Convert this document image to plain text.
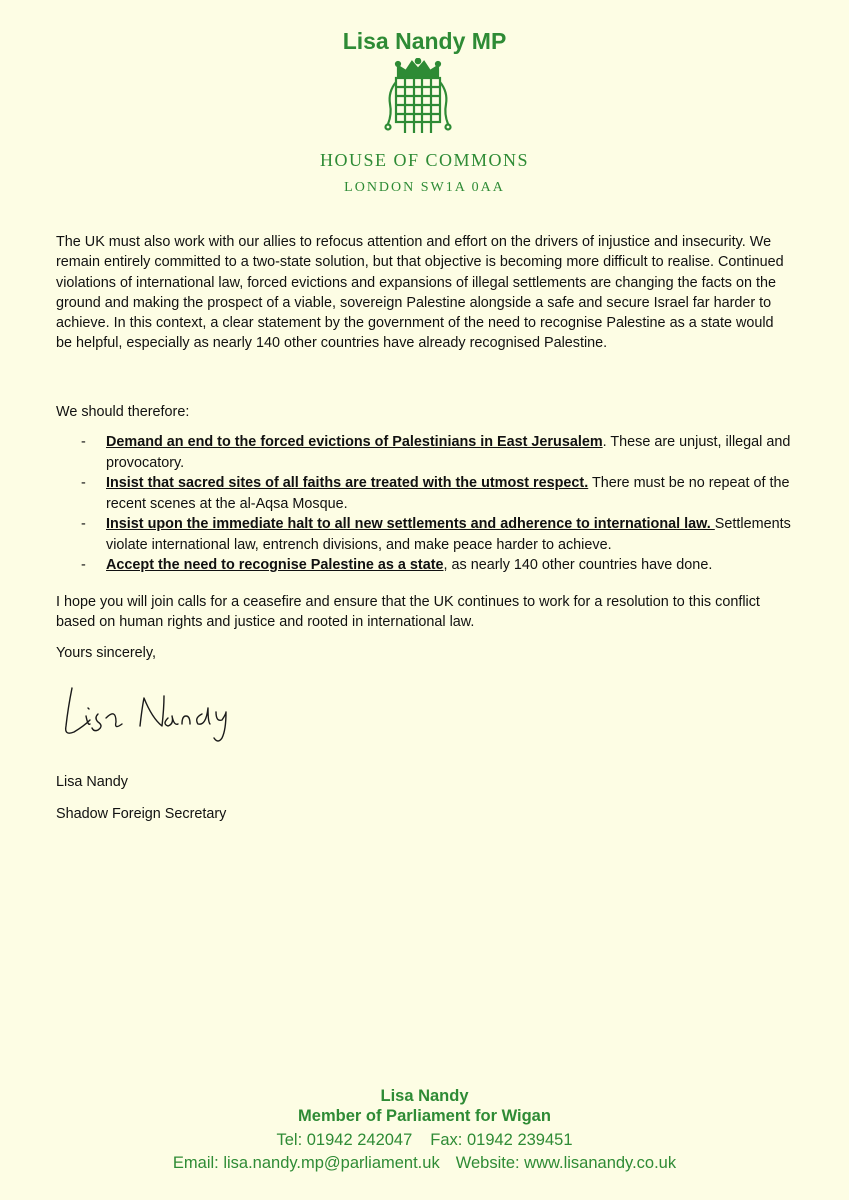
Lisa Nandy MP
HOUSE OF COMMONS
LONDON SW1A 0AA
The UK must also work with our allies to refocus attention and effort on the drivers of injustice and insecurity. We remain entirely committed to a two-state solution, but that objective is becoming more difficult to realise. Continued violations of international law, forced evictions and expansions of illegal settlements are changing the facts on the ground and making the prospect of a viable, sovereign Palestine alongside a safe and secure Israel far harder to achieve. In this context, a clear statement by the government of the need to recognise Palestine as a state would be helpful, especially as nearly 140 other countries have already recognised Palestine.
We should therefore:
- Demand an end to the forced evictions of Palestinians in East Jerusalem. These are unjust, illegal and provocatory.
- Insist that sacred sites of all faiths are treated with the utmost respect. There must be no repeat of the recent scenes at the al-Aqsa Mosque.
- Insist upon the immediate halt to all new settlements and adherence to international law. Settlements violate international law, entrench divisions, and make peace harder to achieve.
- Accept the need to recognise Palestine as a state, as nearly 140 other countries have done.
I hope you will join calls for a ceasefire and ensure that the UK continues to work for a resolution to this conflict based on human rights and justice and rooted in international law.
Yours sincerely,
Lisa Nandy
Shadow Foreign Secretary
Lisa Nandy
Member of Parliament for Wigan
Tel: 01942 242047 Fax: 01942 239451
Email: lisa.nandy.mp@parliament.uk Website: www.lisanandy.co.uk
